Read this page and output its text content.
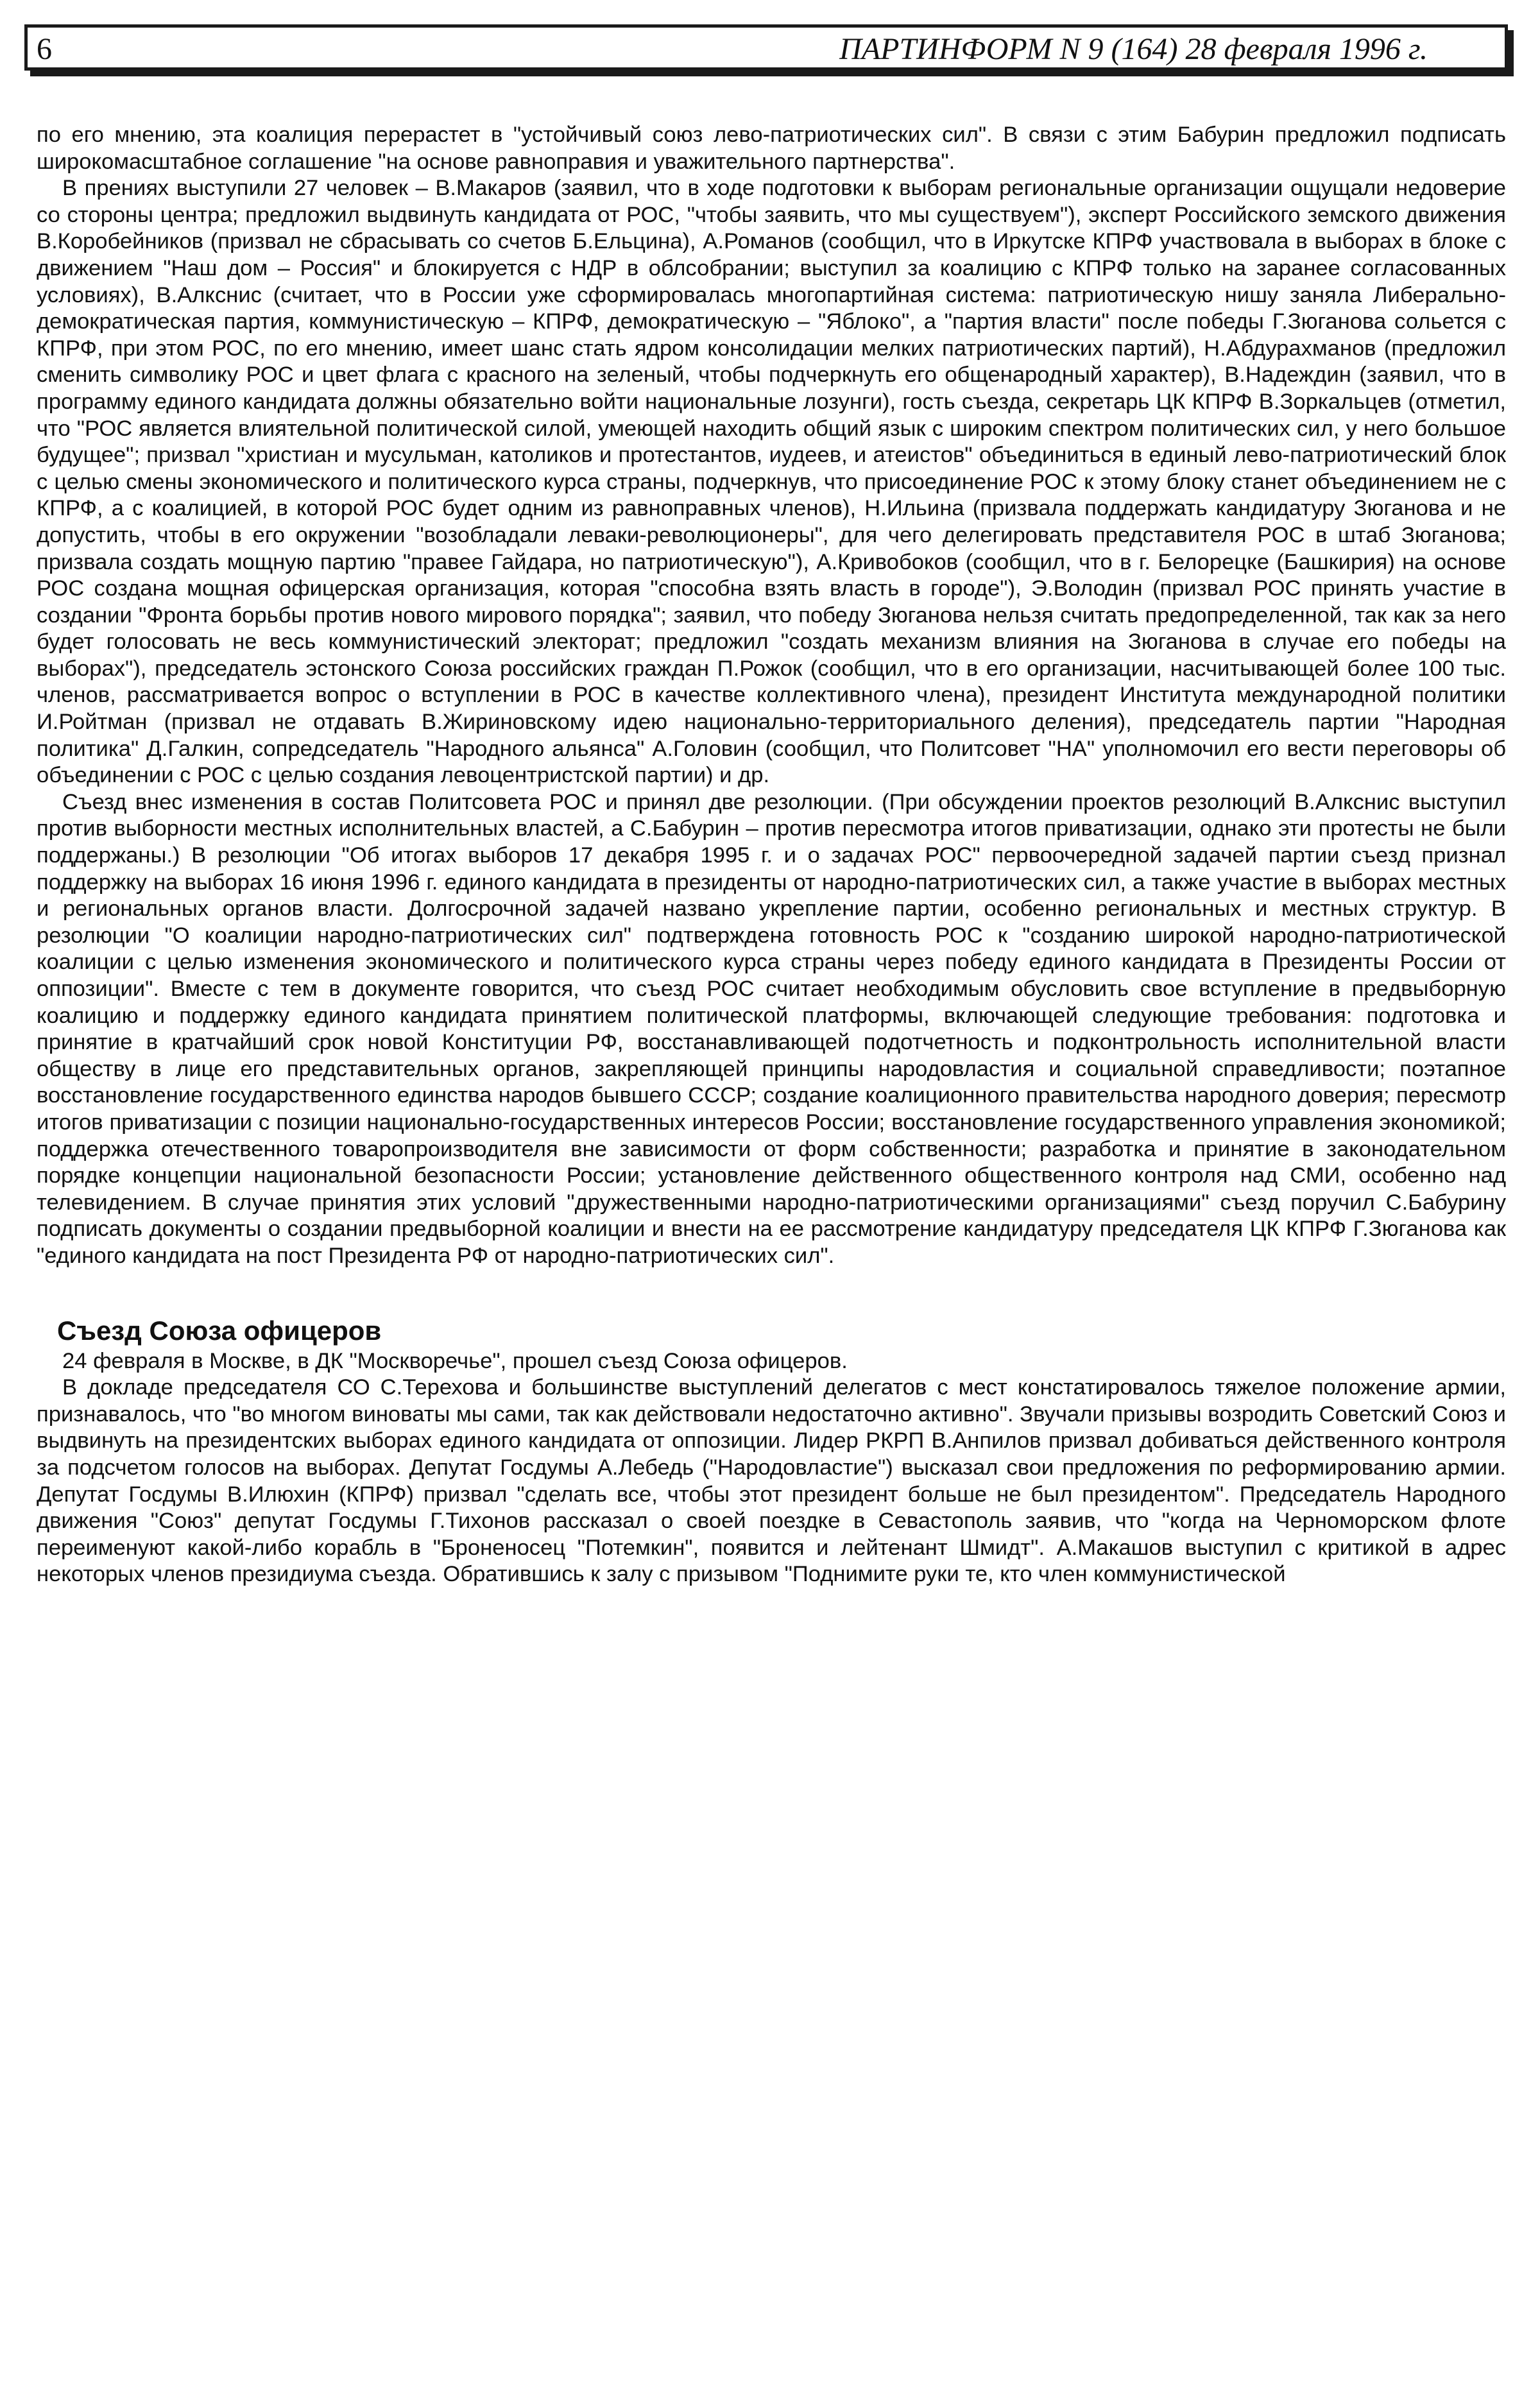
6	ПАРТИНФОРМ N 9 (164) 28 февраля 1996 г.

по его мнению, эта коалиция перерастет в "устойчивый союз лево-патриотических сил". В связи с этим Бабурин предложил подписать широкомасштабное соглашение "на основе равноправия и уважительного партнерства".

В прениях выступили 27 человек – В.Макаров (заявил, что в ходе подготовки к выборам региональные организации ощущали недоверие со стороны центра; предложил выдвинуть кандидата от РОС, "чтобы заявить, что мы существуем"), эксперт Российского земского движения В.Коробейников (призвал не сбрасывать со счетов Б.Ельцина), А.Романов (сообщил, что в Иркутске КПРФ участвовала в выборах в блоке с движением "Наш дом – Россия" и блокируется с НДР в облсобрании; выступил за коалицию с КПРФ только на заранее согласованных условиях), В.Алкснис (считает, что в России уже сформировалась многопартийная система: патриотическую нишу заняла Либерально-демократическая партия, коммунистическую – КПРФ, демократическую – "Яблоко", а "партия власти" после победы Г.Зюганова сольется с КПРФ, при этом РОС, по его мнению, имеет шанс стать ядром консолидации мелких патриотических партий), Н.Абдурахманов (предложил сменить символику РОС и цвет флага с красного на зеленый, чтобы подчеркнуть его общенародный характер), В.Надеждин (заявил, что в программу единого кандидата должны обязательно войти национальные лозунги), гость съезда, секретарь ЦК КПРФ В.Зоркальцев (отметил, что "РОС является влиятельной политической силой, умеющей находить общий язык с широким спектром политических сил, у него большое будущее"; призвал "христиан и мусульман, католиков и протестантов, иудеев, и атеистов" объединиться в единый лево-патриотический блок с целью смены экономического и политического курса страны, подчеркнув, что присоединение РОС к этому блоку станет объединением не с КПРФ, а с коалицией, в которой РОС будет одним из равноправных членов), Н.Ильина (призвала поддержать кандидатуру Зюганова и не допустить, чтобы в его окружении "возобладали леваки-революционеры", для чего делегировать представителя РОС в штаб Зюганова; призвала создать мощную партию "правее Гайдара, но патриотическую"), А.Кривобоков (сообщил, что в г. Белорецке (Башкирия) на основе РОС создана мощная офицерская организация, которая "способна взять власть в городе"), Э.Володин (призвал РОС принять участие в создании "Фронта борьбы против нового мирового порядка"; заявил, что победу Зюганова нельзя считать предопределенной, так как за него будет голосовать не весь коммунистический электорат; предложил "создать механизм влияния на Зюганова в случае его победы на выборах"), председатель эстонского Союза российских граждан П.Рожок (сообщил, что в его организации, насчитывающей более 100 тыс. членов, рассматривается вопрос о вступлении в РОС в качестве коллективного члена), президент Института международной политики И.Ройтман (призвал не отдавать В.Жириновскому идею национально-территориального деления), председатель партии "Народная политика" Д.Галкин, сопредседатель "Народного альянса" А.Головин (сообщил, что Политсовет "НА" уполномочил его вести переговоры об объединении с РОС с целью создания левоцентристской партии) и др.

Съезд внес изменения в состав Политсовета РОС и принял две резолюции. (При обсуждении проектов резолюций В.Алкснис выступил против выборности местных исполнительных властей, а С.Бабурин – против пересмотра итогов приватизации, однако эти протесты не были поддержаны.) В резолюции "Об итогах выборов 17 декабря 1995 г. и о задачах РОС" первоочередной задачей партии съезд признал поддержку на выборах 16 июня 1996 г. единого кандидата в президенты от народно-патриотических сил, а также участие в выборах местных и региональных органов власти. Долгосрочной задачей названо укрепление партии, особенно региональных и местных структур. В резолюции "О коалиции народно-патриотических сил" подтверждена готовность РОС к "созданию широкой народно-патриотической коалиции с целью изменения экономического и политического курса страны через победу единого кандидата в Президенты России от оппозиции". Вместе с тем в документе говорится, что съезд РОС считает необходимым обусловить свое вступление в предвыборную коалицию и поддержку единого кандидата принятием политической платформы, включающей следующие требования: подготовка и принятие в кратчайший срок новой Конституции РФ, восстанавливающей подотчетность и подконтрольность исполнительной власти обществу в лице его представительных органов, закрепляющей принципы народовластия и социальной справедливости; поэтапное восстановление государственного единства народов бывшего СССР; создание коалиционного правительства народного доверия; пересмотр итогов приватизации с позиции национально-государственных интересов России; восстановление государственного управления экономикой; поддержка отечественного товаропроизводителя вне зависимости от форм собственности; разработка и принятие в законодательном порядке концепции национальной безопасности России; установление действенного общественного контроля над СМИ, особенно над телевидением. В случае принятия этих условий "дружественными народно-патриотическими организациями" съезд поручил С.Бабурину подписать документы о создании предвыборной коалиции и внести на ее рассмотрение кандидатуру председателя ЦК КПРФ Г.Зюганова как "единого кандидата на пост Президента РФ от народно-патриотических сил".

Съезд Союза офицеров

24 февраля в Москве, в ДК "Москворечье", прошел съезд Союза офицеров.

В докладе председателя СО С.Терехова и большинстве выступлений делегатов с мест констатировалось тяжелое положение армии, признавалось, что "во многом виноваты мы сами, так как действовали недостаточно активно". Звучали призывы возродить Советский Союз и выдвинуть на президентских выборах единого кандидата от оппозиции. Лидер РКРП В.Анпилов призвал добиваться действенного контроля за подсчетом голосов на выборах. Депутат Госдумы А.Лебедь ("Народовластие") высказал свои предложения по реформированию армии. Депутат Госдумы В.Илюхин (КПРФ) призвал "сделать все, чтобы этот президент больше не был президентом". Председатель Народного движения "Союз" депутат Госдумы Г.Тихонов рассказал о своей поездке в Севастополь заявив, что "когда на Черноморском флоте переименуют какой-либо корабль в "Броненосец "Потемкин", появится и лейтенант Шмидт". А.Макашов выступил с критикой в адрес некоторых членов президиума съезда. Обратившись к залу с призывом "Поднимите руки те, кто член коммунистической
